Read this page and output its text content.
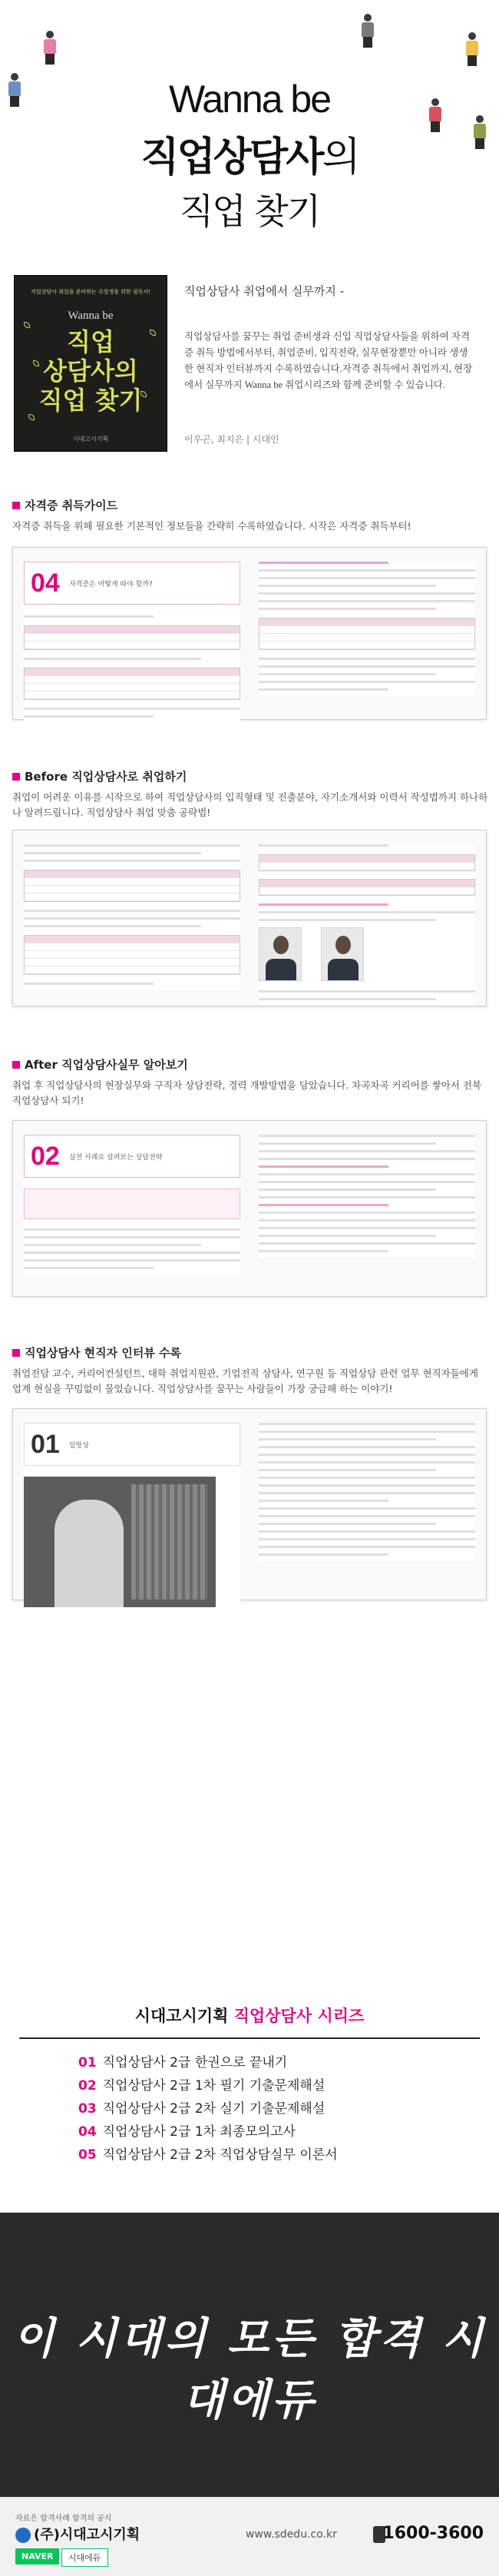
Wanna be
직업상담사의
직업 찾기
직업상담사 취업을 준비하는 수험생을 위한 필독서!
Wanna be
직업
상담사의
직업 찾기
시대고시기획
직업상담사 취업에서 실무까지 -
직업상담사를 꿈꾸는 취업 준비생과 신입 직업상담사들을 위하여 자격증 취득 방법에서부터, 취업준비, 입직전략, 실무현장뿐만 아니라 생생한 현직자 인터뷰까지 수록하였습니다.자격증 취득에서 취업까지, 현장에서 실무까지 Wanna be 취업시리즈와 함께 준비할 수 있습니다.
이우곤, 최지은 | 시대인
자격증 취득가이드
자격증 취득을 위해 필요한 기본적인 정보들을 간략히 수록하였습니다. 시작은 자격증 취득부터!
04 자격증은 어떻게 따야 할까?
Before 직업상담사로 취업하기
취업이 어려운 이유를 시작으로 하여 직업상담사의 입직형태 및 진출분야, 자기소개서와 이력서 작성법까지 하나하나 알려드립니다. 직업상담사 취업 맞춤 공략법!

After 직업상담사실무 알아보기
취업 후 직업상담사의 현장실무와 구직자 상담전략, 경력 개발방법을 담았습니다. 차곡차곡 커리어를 쌓아서 전북 직업상담사 되기!
02 실전 사례로 살펴보는 상담전략
직업상담사 현직자 인터뷰 수록
취업전담 교수, 커리어컨설턴트, 대학 취업지원관, 기업전직 상담사, 연구원 등 직업상담 관련 업무 현직자들에게 업계 현실을 꾸밈없이 물었습니다. 직업상담사를 꿈꾸는 사람들이 가장 궁금해 하는 이야기!
01 일방상
시대고시기획 직업상담사 시리즈
01 직업상담사 2급 한권으로 끝내기
02 직업상담사 2급 1차 필기 기출문제해설
03 직업상담사 2급 2차 실기 기출문제해설
04 직업상담사 2급 1차 최종모의고사
05 직업상담사 2급 2차 직업상담실무 이론서
이 시대의 모든 합격 시대에듀
자료은 합격사례 합격의 공식
(주)시대고시기획
NAVER	시대에듀
www.sdedu.co.kr	1600-3600
